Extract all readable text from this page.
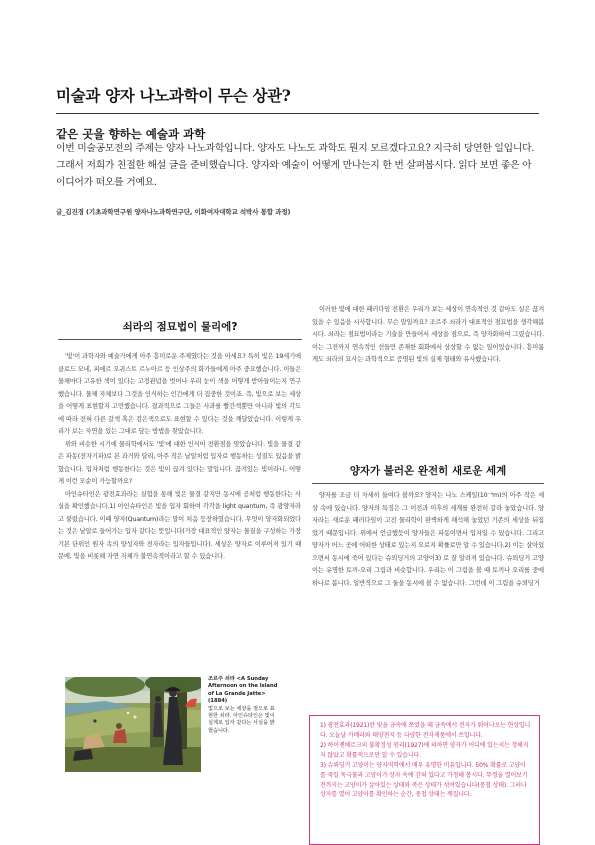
미술과 양자 나노과학이 무슨 상관?
같은 곳을 향하는 예술과 과학
이번 미술공모전의 주제는 양자 나노과학입니다. 양자도 나노도 과학도 뭔지 모르겠다고요? 지극히 당연한 일입니다. 그래서 저희가 친절한 해설 글을 준비했습니다. 양자와 예술이 어떻게 만나는지 한 번 살펴봅시다. 읽다 보면 좋은 아이디어가 떠오를 거예요.
글_김진경 (기초과학연구원 양자나노과학연구단, 이화여자대학교 석박사 통합 과정)
쇠라의 점묘법이 물리에?

'빛'이 과학자와 예술가에게 아주 흥미로운 주제였다는 것을 아세요? 특히 빛은 19세기에 클로드 모네, 피에르 오귀스트 르누아르 등 인상주의 화가들에게 아주 중요했습니다. 이들은 물체마다 고유한 색이 있다는 고정관념을 벗어나 우리 눈이 색을 어떻게 받아들이는지 연구했습니다. 물체 자체보다 그것을 인식하는 인간에게 더 집중한 것이죠. 즉, 빛으로 보는 세상을 어떻게 표현할지 고민했습니다. 결과적으로 그들은 사과를 빨간색뿐만 아니라 빛의 각도에 따라 전혀 다른 갈색 혹은 검은색으로도 표현할 수 있다는 것을 깨달았습니다. 이렇게 우리가 보는 자연을 있는 그대로 담는 방법을 찾았습니다.

위와 비슷한 시기에 물리학에서도 '빛'에 대한 인식이 전환점을 맞았습니다. 빛을 물결 같은 파동(전자기파)로 본 과거와 달리, 아주 작은 낱알처럼 입자로 행동하는 성질도 있음을 밝혔습니다. 입자처럼 행동한다는 것은 빛이 끊겨 있다는 말입니다. 끊겨있는 빛이라니, 어떻게 이런 모순이 가능할까요?

아인슈타인은 광전효과라는 실험을 통해 빛은 물결 같지만 동시에 공처럼 행동한다는 사실을 확인했습니다.1) 아인슈타인은 빛을 입자 회하여 각각을 light quantum, 즉 광양자라고 불렀습니다. 이때 양자(Quantum)라는 말이 처음 등장하였습니다. 무엇이 양자화되었다는 것은 낱알로 들어가는 입자 같다는 뜻입니다(가장 대표적인 양자는 물질을 구성하는 가장 기본 단위인 원자 속의 양성자와 전자라는 입자들입니다). 세상은 양자로 이루어져 있기 때문에, 빛을 비롯해 자연 자체가 불연속적이라고 할 수 있습니다.

이러한 빛에 대한 패러다임 전환은 우리가 보는 세상이 연속적인 것 같아도 실은 끊겨 있을 수 있음을 시사합니다. 무슨 말일까요? 조르주 쇠라가 대표적인 점묘법을 생각해봅시다. 쇠라는 점묘법이라는 기술을 만들어서 세상을 점으로, 즉 양자화하여 그렸습니다. 이는 그전까지 연속적인 선들만 존재한 회화에서 상상할 수 없는 일이었습니다. 흥미롭게도 쇠라의 묘사는 과학적으로 증명된 빛의 실제 형태와 유사했습니다.

양자가 불러온 완전히 새로운 세계

양자를 조금 더 자세히 들여다 볼까요? 양자는 나노 스케일(10⁻⁹m)의 아주 작은 세상 속에 있습니다. 양자의 특징은 그 이전과 이후의 세계를 완전히 갈라 놓았습니다. 양자라는 새로운 패러다임이 고전 물리학이 완벽하게 해석해 놓았던 기존의 세상을 뒤집었기 때문입니다. 위에서 언급했듯이 양자들은 파동이면서 입자일 수 있습니다. 그리고 양자가 어느 곳에 어떠한 상태로 있는지 오로지 확률로만 알 수 있습니다.2) 이는 살아있으면서 동시에 죽어 있다는 슈뢰딩거의 고양이3) 로 잘 알려져 있습니다. 슈뢰딩거 고양이는 유명한 토끼-오리 그림과 비슷합니다. 우리는 이 그림을 볼 때 토끼나 오리를 중에 하나로 봅니다. 일반적으로 그 둘을 동시에 볼 수 없습니다. 그런데 이 그림을 슈뢰딩거

조르주 쇠라 <A Sunday Afternoon on the Island of La Grande Jatte> (1884)
빛으로 보는 세상을 점으로 표현한 쇠라. 아인슈타인은 빛이 실제로 입자 같다는 사실을 밝혔습니다.
1) 광전효과(1921)란 빛을 금속에 쪼였을 때 금속에서 전자가 튀어나오는 현상입니다. 오늘날 카메라와 태양전지 등 다양한 전자제품에서 쓰입니다.
2) 하이젠베르크의 불확정성 원리(1927)에 의하면 양자가 어디에 있는지는 정해지지 않았고 확률적으로만 알 수 있습니다.
3) 슈뢰딩거 고양이는 양자역학에서 매우 유명한 비유입니다. 50% 확률로 고양이를 죽일 독극물과 고양이가 상자 속에 갇혀 있다고 가정해 봅시다. 뚜껑을 열어보기 전까지는 고양이가 살아있는 상태와 죽은 상태가 섞여있습니다(중첩 상태). 그러나 상자를 열어 고양이를 확인하는 순간, 중첩 상태는 깨집니다.
